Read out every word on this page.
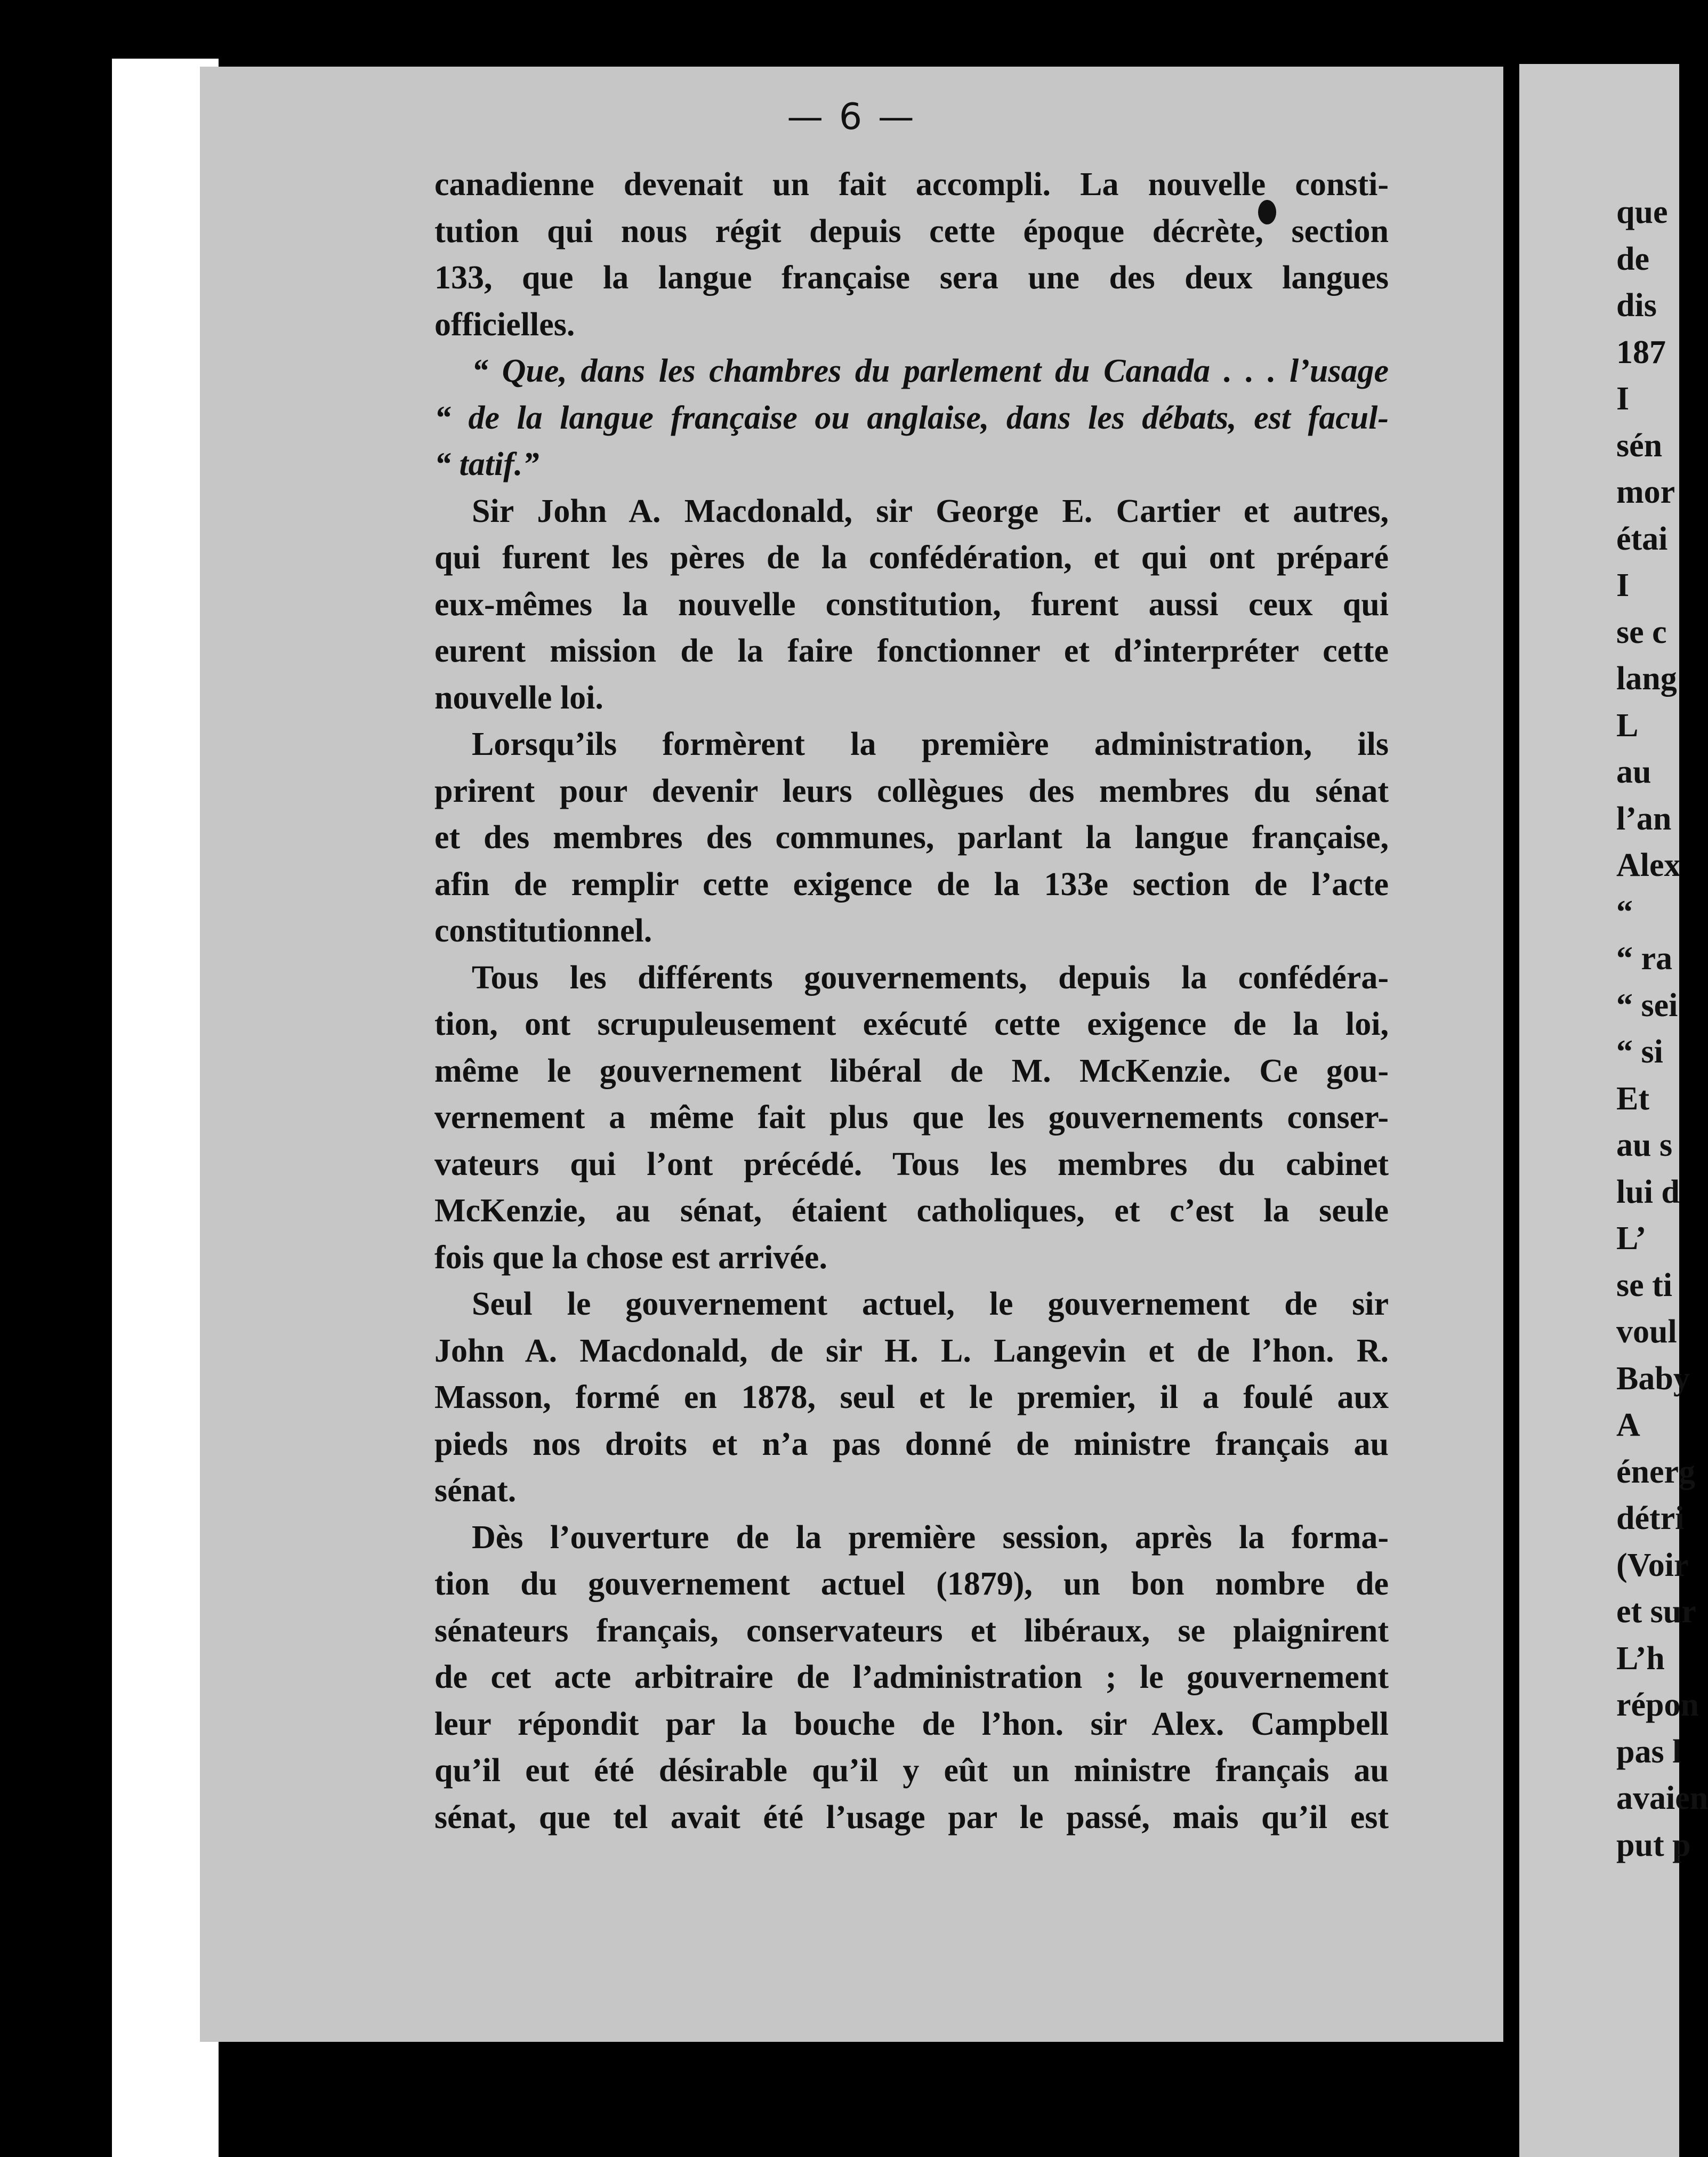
— 6 —
canadienne devenait un fait accompli. La nouvelle consti-
tution qui nous régit depuis cette époque décrète, section
133, que la langue française sera une des deux langues
officielles.
“ Que, dans les chambres du parlement du Canada . . . l’usage
“ de la langue française ou anglaise, dans les débats, est facul-
“ tatif.”
Sir John A. Macdonald, sir George E. Cartier et autres,
qui furent les pères de la confédération, et qui ont préparé
eux-mêmes la nouvelle constitution, furent aussi ceux qui
eurent mission de la faire fonctionner et d’interpréter cette
nouvelle loi.
Lorsqu’ils formèrent la première administration, ils
prirent pour devenir leurs collègues des membres du sénat
et des membres des communes, parlant la langue française,
afin de remplir cette exigence de la 133e section de l’acte
constitutionnel.
Tous les différents gouvernements, depuis la confédéra-
tion, ont scrupuleusement exécuté cette exigence de la loi,
même le gouvernement libéral de M. McKenzie. Ce gou-
vernement a même fait plus que les gouvernements conser-
vateurs qui l’ont précédé. Tous les membres du cabinet
McKenzie, au sénat, étaient catholiques, et c’est la seule
fois que la chose est arrivée.
Seul le gouvernement actuel, le gouvernement de sir
John A. Macdonald, de sir H. L. Langevin et de l’hon. R.
Masson, formé en 1878, seul et le premier, il a foulé aux
pieds nos droits et n’a pas donné de ministre français au
sénat.
Dès l’ouverture de la première session, après la forma-
tion du gouvernement actuel (1879), un bon nombre de
sénateurs français, conservateurs et libéraux, se plaignirent
de cet acte arbitraire de l’administration ; le gouvernement
leur répondit par la bouche de l’hon. sir Alex. Campbell
qu’il eut été désirable qu’il y eût un ministre français au
sénat, que tel avait été l’usage par le passé, mais qu’il est
que
de
dis
187
I
sén
mor
étai
I
se c
lang
L
au
l’an
Alex
“
“ ra
“ sei
“ si
Et
au s
lui d
L’
se ti
voul
Baby
A
énerg
détri
(Voir
et sur
L’h
répon
pas l
avaien
put p
